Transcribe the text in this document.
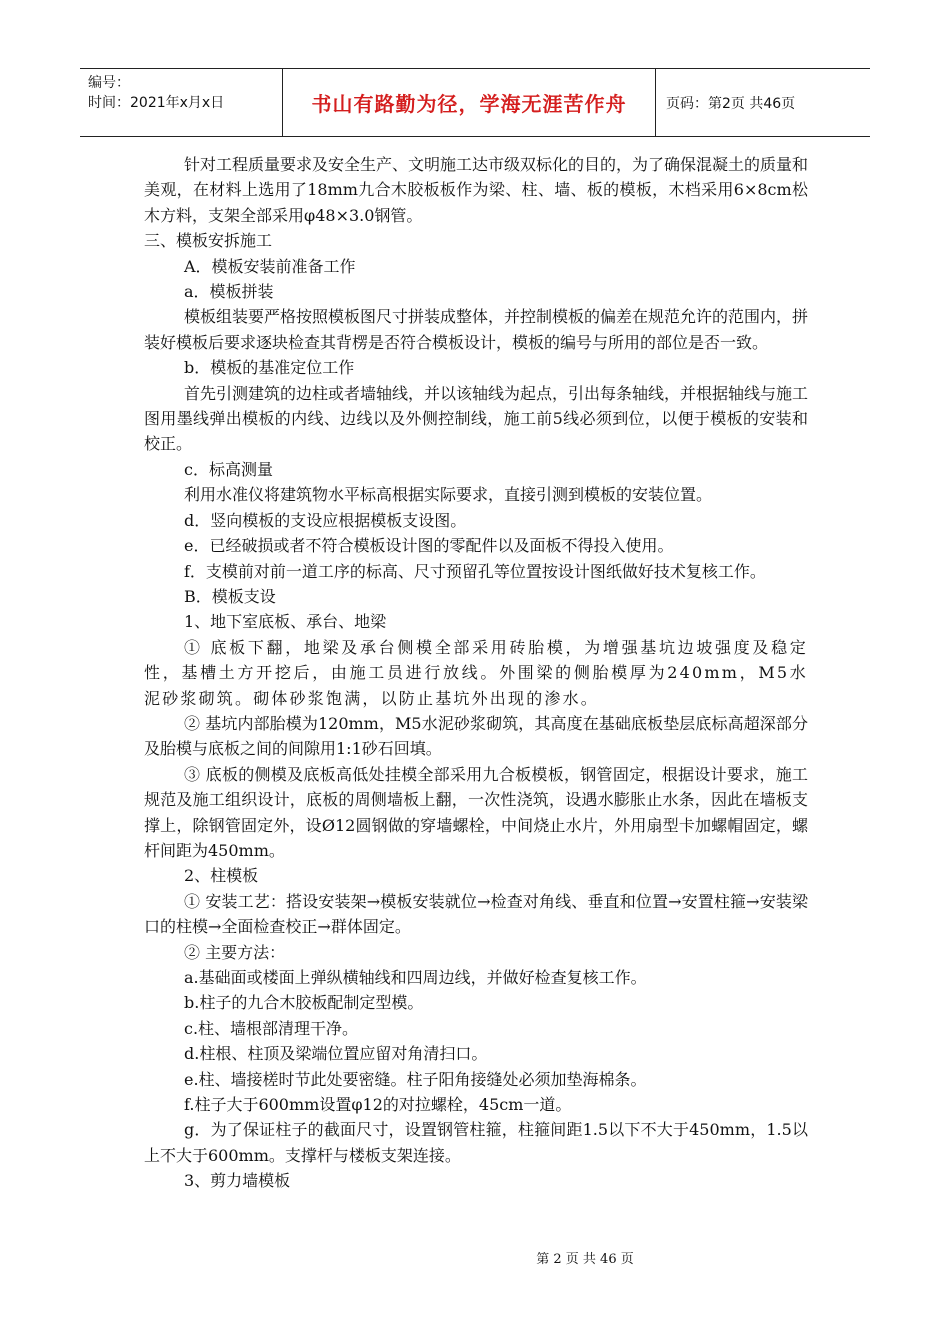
编号：
时间：2021年x月x日	书山有路勤为径，学海无涯苦作舟	页码：第2页 共46页

针对工程质量要求及安全生产、文明施工达市级双标化的目的，为了确保混凝土的质量和美观，在材料上选用了18mm九合木胶板板作为梁、柱、墙、板的模板，木档采用6×8cm松木方料，支架全部采用φ48×3.0钢管。

三、模板安拆施工

A．模板安装前准备工作

a．模板拼装

模板组装要严格按照模板图尺寸拼装成整体，并控制模板的偏差在规范允许的范围内，拼装好模板后要求逐块检查其背楞是否符合模板设计，模板的编号与所用的部位是否一致。

b．模板的基准定位工作

首先引测建筑的边柱或者墙轴线，并以该轴线为起点，引出每条轴线，并根据轴线与施工图用墨线弹出模板的内线、边线以及外侧控制线，施工前5线必须到位，以便于模板的安装和校正。

c．标高测量

利用水准仪将建筑物水平标高根据实际要求，直接引测到模板的安装位置。

d．竖向模板的支设应根据模板支设图。

e．已经破损或者不符合模板设计图的零配件以及面板不得投入使用。

f．支模前对前一道工序的标高、尺寸预留孔等位置按设计图纸做好技术复核工作。

B．模板支设

1、地下室底板、承台、地梁

① 底板下翻，地梁及承台侧模全部采用砖胎模，为增强基坑边坡强度及稳定性，基槽土方开挖后，由施工员进行放线。外围梁的侧胎模厚为240mm，M5水泥砂浆砌筑。砌体砂浆饱满，以防止基坑外出现的渗水。

② 基坑内部胎模为120mm，M5水泥砂浆砌筑，其高度在基础底板垫层底标高超深部分及胎模与底板之间的间隙用1:1砂石回填。

③ 底板的侧模及底板高低处挂模全部采用九合板模板，钢管固定，根据设计要求，施工规范及施工组织设计，底板的周侧墙板上翻，一次性浇筑，设遇水膨胀止水条，因此在墙板支撑上，除钢管固定外，设Ø12圆钢做的穿墙螺栓，中间烧止水片，外用扇型卡加螺帽固定，螺杆间距为450mm。

2、柱模板

① 安装工艺：搭设安装架→模板安装就位→检查对角线、垂直和位置→安置柱箍→安装梁口的柱模→全面检查校正→群体固定。

② 主要方法：

a.基础面或楼面上弹纵横轴线和四周边线，并做好检查复核工作。

b.柱子的九合木胶板配制定型模。

c.柱、墙根部清理干净。

d.柱根、柱顶及梁端位置应留对角清扫口。

e.柱、墙接槎时节此处要密缝。柱子阳角接缝处必须加垫海棉条。

f.柱子大于600mm设置φ12的对拉螺栓，45cm一道。

g．为了保证柱子的截面尺寸，设置钢管柱箍，柱箍间距1.5以下不大于450mm，1.5以上不大于600mm。支撑杆与楼板支架连接。

3、剪力墙模板

第 2 页 共 46 页
